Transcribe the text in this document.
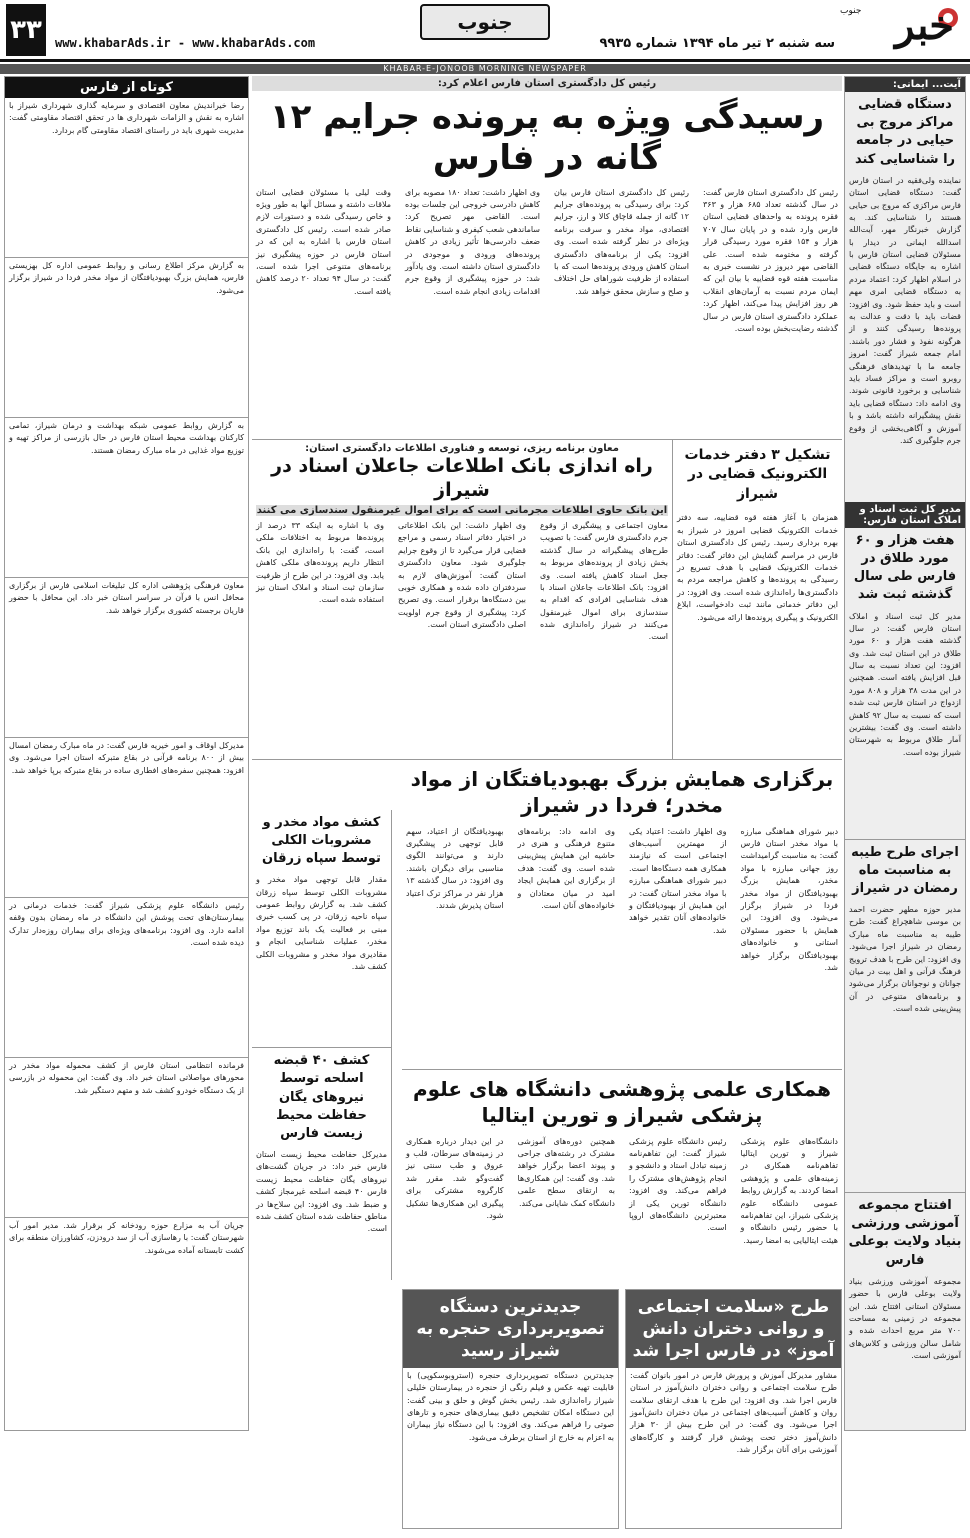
خبر
جنوب
سه شنبه ۲ تیر ماه ۱۳۹۴ شماره ۹۹۳۵
جنوب
www.khabarAds.ir - www.khabarAds.com
۳۳
KHABAR-E-JONOOB MORNING NEWSPAPER
آیت... ایمانی:
دستگاه قضایی مراکز مروج بی حیایی در جامعه را شناسایی کند
نماینده ولی‌فقیه در استان فارس گفت: دستگاه قضایی استان فارس مراکزی که مروج بی حیایی هستند را شناسایی کند. به گزارش خبرنگار مهر، آیت‌الله اسدالله ایمانی در دیدار با مسئولان قضایی استان فارس با اشاره به جایگاه دستگاه قضایی در اسلام اظهار کرد: اعتماد مردم به دستگاه قضایی امری مهم است و باید حفظ شود. وی افزود: قضات باید با دقت و عدالت به پرونده‌ها رسیدگی کنند و از هرگونه نفوذ و فشار دور باشند. امام جمعه شیراز گفت: امروز جامعه ما با تهدیدهای فرهنگی روبرو است و مراکز فساد باید شناسایی و برخورد قانونی شوند. وی ادامه داد: دستگاه قضایی باید نقش پیشگیرانه داشته باشد و با آموزش و آگاهی‌بخشی از وقوع جرم جلوگیری کند.
مدیر کل ثبت اسناد و املاک استان فارس:
هفت هزار و ۶۰ مورد طلاق در فارس طی سال گذشته ثبت شد
مدیر کل ثبت اسناد و املاک استان فارس گفت: در سال گذشته هفت هزار و ۶۰ مورد طلاق در این استان ثبت شد. وی افزود: این تعداد نسبت به سال قبل افزایش یافته است. همچنین در این مدت ۳۸ هزار و ۸۰۸ مورد ازدواج در استان فارس ثبت شده است که نسبت به سال ۹۲ کاهش داشته است. وی گفت: بیشترین آمار طلاق مربوط به شهرستان شیراز بوده است.
اجرای طرح طیبه به مناسبت ماه رمضان در شیراز
مدیر حوزه مطهر حضرت احمد بن موسی شاهچراغ گفت: طرح طیبه به مناسبت ماه مبارک رمضان در شیراز اجرا می‌شود. وی افزود: این طرح با هدف ترویج فرهنگ قرآنی و اهل بیت در میان جوانان و نوجوانان برگزار می‌شود و برنامه‌های متنوعی در آن پیش‌بینی شده است.
افتتاح مجموعه آموزشی ورزشی بنیاد ولایت بوعلی فارس
مجموعه آموزشی ورزشی بنیاد ولایت بوعلی فارس با حضور مسئولان استانی افتتاح شد. این مجموعه در زمینی به مساحت ۷۰۰ متر مربع احداث شده و شامل سالن ورزشی و کلاس‌های آموزشی است.
کوتاه از فارس
رضا خیراندیش معاون اقتصادی و سرمایه گذاری شهرداری شیراز با اشاره به نقش و الزامات شهرداری ها در تحقق اقتصاد مقاومتی گفت: مدیریت شهری باید در راستای اقتصاد مقاومتی گام بردارد.
به گزارش مرکز اطلاع رسانی و روابط عمومی اداره کل بهزیستی فارس، همایش بزرگ بهبودیافتگان از مواد مخدر فردا در شیراز برگزار می‌شود.
به گزارش روابط عمومی شبکه بهداشت و درمان شیراز، تمامی کارکنان بهداشت محیط استان فارس در حال بازرسی از مراکز تهیه و توزیع مواد غذایی در ماه مبارک رمضان هستند.
معاون فرهنگی پژوهشی اداره کل تبلیغات اسلامی فارس از برگزاری محافل انس با قرآن در سراسر استان خبر داد. این محافل با حضور قاریان برجسته کشوری برگزار خواهد شد.
مدیرکل اوقاف و امور خیریه فارس گفت: در ماه مبارک رمضان امسال بیش از ۸۰۰ برنامه قرآنی در بقاع متبرکه استان اجرا می‌شود. وی افزود: همچنین سفره‌های افطاری ساده در بقاع متبرکه برپا خواهد شد.
رئیس دانشگاه علوم پزشکی شیراز گفت: خدمات درمانی در بیمارستان‌های تحت پوشش این دانشگاه در ماه رمضان بدون وقفه ادامه دارد. وی افزود: برنامه‌های ویژه‌ای برای بیماران روزه‌دار تدارک دیده شده است.
فرمانده انتظامی استان فارس از کشف محموله مواد مخدر در محورهای مواصلاتی استان خبر داد. وی گفت: این محموله در بازرسی از یک دستگاه خودرو کشف شد و متهم دستگیر شد.
جریان آب به مزارع حوزه رودخانه کر برقرار شد. مدیر امور آب شهرستان گفت: با رهاسازی آب از سد درودزن، کشاورزان منطقه برای کشت تابستانه آماده می‌شوند.
رئیس کل دادگستری استان فارس اعلام کرد:
رسیدگی ویژه به پرونده جرایم ۱۲ گانه در فارس
رئیس کل دادگستری استان فارس گفت: در سال گذشته تعداد ۶۸۵ هزار و ۳۶۳ فقره پرونده به واحدهای قضایی استان فارس وارد شده و در پایان سال ۷۰۷ هزار و ۱۵۴ فقره مورد رسیدگی قرار گرفته و مختومه شده است. علی القاضی مهر دیروز در نشست خبری به مناسبت هفته قوه قضاییه با بیان این که ایمان مردم نسبت به آرمان‌های انقلاب هر روز افزایش پیدا می‌کند، اظهار کرد: عملکرد دادگستری استان فارس در سال گذشته رضایت‌بخش بوده است.
رئیس کل دادگستری استان فارس بیان کرد: برای رسیدگی به پرونده‌های جرایم ۱۲ گانه از جمله قاچاق کالا و ارز، جرایم اقتصادی، مواد مخدر و سرقت برنامه ویژه‌ای در نظر گرفته شده است. وی افزود: یکی از برنامه‌های دادگستری استان کاهش ورودی پرونده‌ها است که با استفاده از ظرفیت شوراهای حل اختلاف و صلح و سازش محقق خواهد شد.
وی اظهار داشت: تعداد ۱۸۰ مصوبه برای کاهش دادرسی خروجی این جلسات بوده است. القاضی مهر تصریح کرد: ساماندهی شعب کیفری و شناسایی نقاط ضعف دادرسی‌ها تأثیر زیادی در کاهش پرونده‌های ورودی و موجودی در دادگستری استان داشته است. وی یادآور شد: در حوزه پیشگیری از وقوع جرم اقدامات زیادی انجام شده است.
وقت لیلی با مسئولان قضایی استان ملاقات داشته و مسائل آنها به طور ویژه و خاص رسیدگی شده و دستورات لازم صادر شده است. رئیس کل دادگستری استان فارس با اشاره به این که در استان فارس در حوزه پیشگیری نیز برنامه‌های متنوعی اجرا شده است، گفت: در سال ۹۴ تعداد ۲۰ درصد کاهش یافته است.
تشکیل ۳ دفتر خدمات الکترونیک قضایی در شیراز
همزمان با آغاز هفته قوه قضاییه، سه دفتر خدمات الکترونیک قضایی امروز در شیراز به بهره برداری رسید. رئیس کل دادگستری استان فارس در مراسم گشایش این دفاتر گفت: دفاتر خدمات الکترونیک قضایی با هدف تسریع در رسیدگی به پرونده‌ها و کاهش مراجعه مردم به دادگستری‌ها راه‌اندازی شده است. وی افزود: در این دفاتر خدماتی مانند ثبت دادخواست، ابلاغ الکترونیک و پیگیری پرونده‌ها ارائه می‌شود.
معاون برنامه ریزی، توسعه و فناوری اطلاعات دادگستری استان:
راه اندازی بانک اطلاعات جاعلان اسناد در شیراز
این بانک حاوی اطلاعات مجرمانی است که برای اموال غیرمنقول سندسازی می کنند
معاون اجتماعی و پیشگیری از وقوع جرم دادگستری فارس گفت: با تصویب طرح‌های پیشگیرانه در سال گذشته بخش زیادی از پرونده‌های مربوط به جعل اسناد کاهش یافته است. وی افزود: بانک اطلاعات جاعلان اسناد با هدف شناسایی افرادی که اقدام به سندسازی برای اموال غیرمنقول می‌کنند در شیراز راه‌اندازی شده است.
وی اظهار داشت: این بانک اطلاعاتی در اختیار دفاتر اسناد رسمی و مراجع قضایی قرار می‌گیرد تا از وقوع جرایم جلوگیری شود. معاون دادگستری استان گفت: آموزش‌های لازم به سردفتران داده شده و همکاری خوبی بین دستگاه‌ها برقرار است. وی تصریح کرد: پیشگیری از وقوع جرم اولویت اصلی دادگستری استان است.
وی با اشاره به اینکه ۳۳ درصد از پرونده‌ها مربوط به اختلافات ملکی است، گفت: با راه‌اندازی این بانک انتظار داریم پرونده‌های ملکی کاهش یابد. وی افزود: در این طرح از ظرفیت سازمان ثبت اسناد و املاک استان نیز استفاده شده است.
برگزاری همایش بزرگ بهبودیافتگان از مواد مخدر؛ فردا در شیراز
دبیر شورای هماهنگی مبارزه با مواد مخدر استان فارس گفت: به مناسبت گرامیداشت روز جهانی مبارزه با مواد مخدر، همایش بزرگ بهبودیافتگان از مواد مخدر فردا در شیراز برگزار می‌شود. وی افزود: این همایش با حضور مسئولان استانی و خانواده‌های بهبودیافتگان برگزار خواهد شد.
وی اظهار داشت: اعتیاد یکی از مهمترین آسیب‌های اجتماعی است که نیازمند همکاری همه دستگاه‌ها است. دبیر شورای هماهنگی مبارزه با مواد مخدر استان گفت: در این همایش از بهبودیافتگان و خانواده‌های آنان تقدیر خواهد شد.
وی ادامه داد: برنامه‌های متنوع فرهنگی و هنری در حاشیه این همایش پیش‌بینی شده است. وی گفت: هدف از برگزاری این همایش ایجاد امید در میان معتادان و خانواده‌های آنان است.
بهبودیافتگان از اعتیاد، سهم قابل توجهی در پیشگیری دارند و می‌توانند الگوی مناسبی برای دیگران باشند. وی افزود: در سال گذشته ۱۳ هزار نفر در مراکز ترک اعتیاد استان پذیرش شدند.
کشف مواد مخدر و مشروبات الکلی توسط سپاه زرقان
مقدار قابل توجهی مواد مخدر و مشروبات الکلی توسط سپاه زرقان کشف شد. به گزارش روابط عمومی سپاه ناحیه زرقان، در پی کسب خبری مبنی بر فعالیت یک باند توزیع مواد مخدر، عملیات شناسایی انجام و مقادیری مواد مخدر و مشروبات الکلی کشف شد.
کشف ۴۰ قبضه اسلحه توسط نیروهای یگان حفاظت محیط زیست فارس
مدیرکل حفاظت محیط زیست استان فارس خبر داد: در جریان گشت‌های نیروهای یگان حفاظت محیط زیست فارس ۴۰ قبضه اسلحه غیرمجاز کشف و ضبط شد. وی افزود: این سلاح‌ها در مناطق حفاظت شده استان کشف شده است.
همکاری علمی پژوهشی دانشگاه های علوم پزشکی شیراز و تورین ایتالیا
دانشگاه‌های علوم پزشکی شیراز و تورین ایتالیا تفاهم‌نامه همکاری در زمینه‌های علمی و پژوهشی امضا کردند. به گزارش روابط عمومی دانشگاه علوم پزشکی شیراز، این تفاهم‌نامه با حضور رئیس دانشگاه و هیئت ایتالیایی به امضا رسید.
رئیس دانشگاه علوم پزشکی شیراز گفت: این تفاهم‌نامه زمینه تبادل استاد و دانشجو و انجام پژوهش‌های مشترک را فراهم می‌کند. وی افزود: دانشگاه تورین یکی از معتبرترین دانشگاه‌های اروپا است.
همچنین دوره‌های آموزشی مشترک در رشته‌های جراحی و پیوند اعضا برگزار خواهد شد. وی گفت: این همکاری‌ها به ارتقای سطح علمی دانشگاه کمک شایانی می‌کند.
در این دیدار درباره همکاری در زمینه‌های سرطان، قلب و عروق و طب سنتی نیز گفت‌وگو شد. مقرر شد کارگروه مشترکی برای پیگیری این همکاری‌ها تشکیل شود.
طرح «سلامت اجتماعی و روانی دختران دانش آموز» در فارس اجرا شد
مشاور مدیرکل آموزش و پرورش فارس در امور بانوان گفت: طرح سلامت اجتماعی و روانی دختران دانش‌آموز در استان فارس اجرا شد. وی افزود: این طرح با هدف ارتقای سلامت روان و کاهش آسیب‌های اجتماعی در میان دختران دانش‌آموز اجرا می‌شود. وی گفت: در این طرح بیش از ۳۰ هزار دانش‌آموز دختر تحت پوشش قرار گرفتند و کارگاه‌های آموزشی برای آنان برگزار شد.
جدیدترین دستگاه تصویربرداری حنجره به شیراز رسید
جدیدترین دستگاه تصویربرداری حنجره (استروبوسکوپی) با قابلیت تهیه عکس و فیلم رنگی از حنجره در بیمارستان خلیلی شیراز راه‌اندازی شد. رئیس بخش گوش و حلق و بینی گفت: این دستگاه امکان تشخیص دقیق بیماری‌های حنجره و تارهای صوتی را فراهم می‌کند. وی افزود: با این دستگاه نیاز بیماران به اعزام به خارج از استان برطرف می‌شود.
